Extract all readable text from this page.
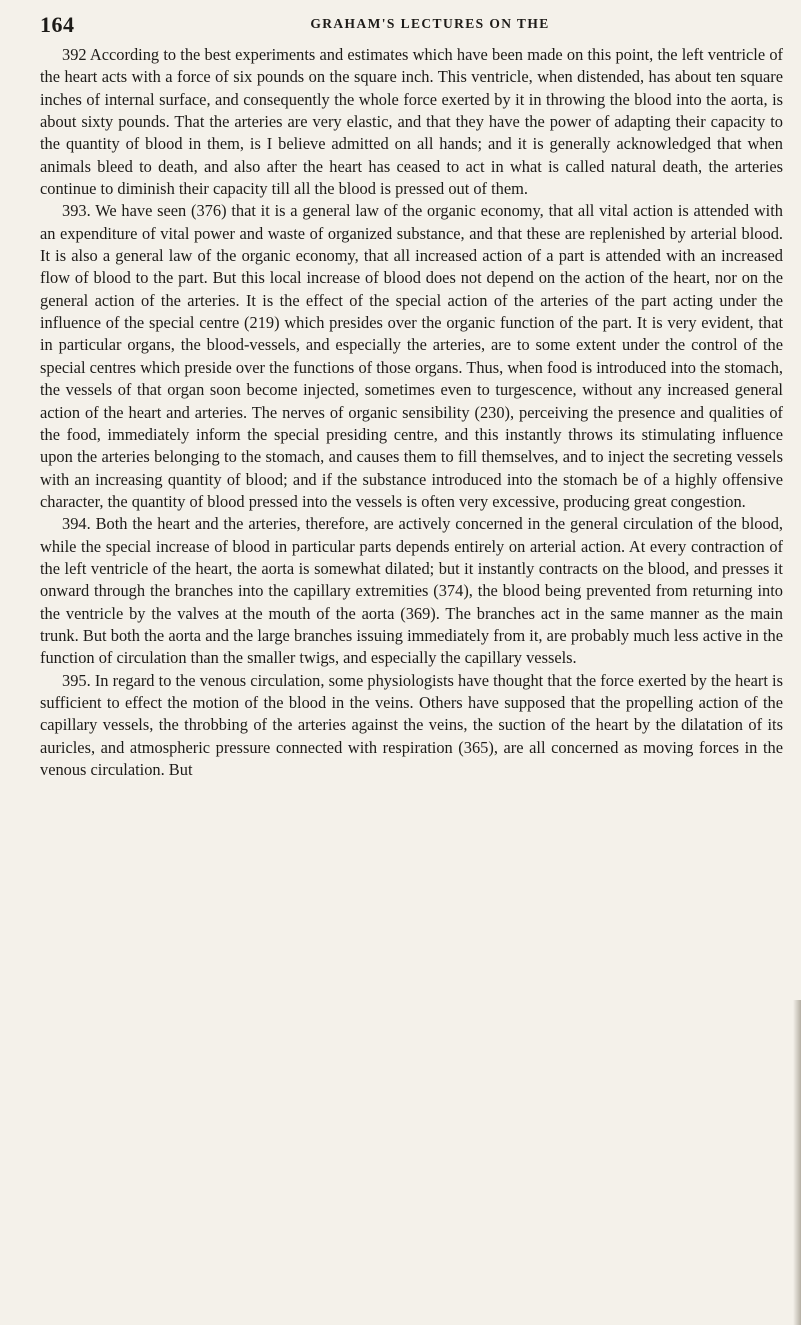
164	GRAHAM'S LECTURES ON THE

392 According to the best experiments and estimates which have been made on this point, the left ventricle of the heart acts with a force of six pounds on the square inch. This ventricle, when distended, has about ten square inches of internal surface, and consequently the whole force exerted by it in throwing the blood into the aorta, is about sixty pounds. That the arteries are very elastic, and that they have the power of adapting their capacity to the quantity of blood in them, is I believe admitted on all hands; and it is generally acknowledged that when animals bleed to death, and also after the heart has ceased to act in what is called natural death, the arteries continue to diminish their capacity till all the blood is pressed out of them.

393. We have seen (376) that it is a general law of the organic economy, that all vital action is attended with an expenditure of vital power and waste of organized substance, and that these are replenished by arterial blood. It is also a general law of the organic economy, that all increased action of a part is attended with an increased flow of blood to the part. But this local increase of blood does not depend on the action of the heart, nor on the general action of the arteries. It is the effect of the special action of the arteries of the part acting under the influence of the special centre (219) which presides over the organic function of the part. It is very evident, that in particular organs, the blood-vessels, and especially the arteries, are to some extent under the control of the special centres which preside over the functions of those organs. Thus, when food is introduced into the stomach, the vessels of that organ soon become injected, sometimes even to turgescence, without any increased general action of the heart and arteries. The nerves of organic sensibility (230), perceiving the presence and qualities of the food, immediately inform the special presiding centre, and this instantly throws its stimulating influence upon the arteries belonging to the stomach, and causes them to fill themselves, and to inject the secreting vessels with an increasing quantity of blood; and if the substance introduced into the stomach be of a highly offensive character, the quantity of blood pressed into the vessels is often very excessive, producing great congestion.

394. Both the heart and the arteries, therefore, are actively concerned in the general circulation of the blood, while the special increase of blood in particular parts depends entirely on arterial action. At every contraction of the left ventricle of the heart, the aorta is somewhat dilated; but it instantly contracts on the blood, and presses it onward through the branches into the capillary extremities (374), the blood being prevented from returning into the ventricle by the valves at the mouth of the aorta (369). The branches act in the same manner as the main trunk. But both the aorta and the large branches issuing immediately from it, are probably much less active in the function of circulation than the smaller twigs, and especially the capillary vessels.

395. In regard to the venous circulation, some physiologists have thought that the force exerted by the heart is sufficient to effect the motion of the blood in the veins. Others have supposed that the propelling action of the capillary vessels, the throbbing of the arteries against the veins, the suction of the heart by the dilatation of its auricles, and atmospheric pressure connected with respiration (365), are all concerned as moving forces in the venous circulation. But
